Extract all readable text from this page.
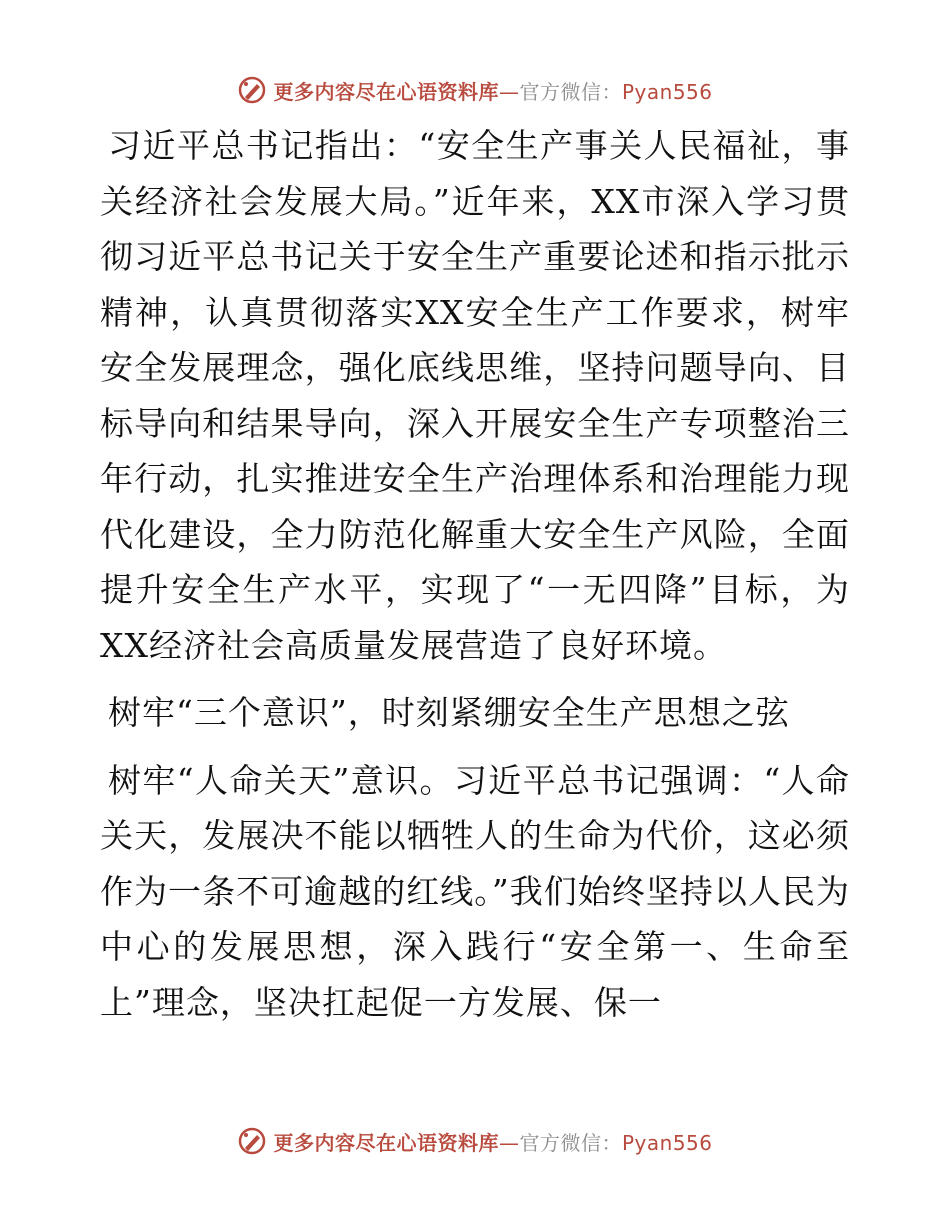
更多内容尽在心语资料库—官方微信：Pyan556

习近平总书记指出：“安全生产事关人民福祉，事关经济社会发展大局。”近年来，XX市深入学习贯彻习近平总书记关于安全生产重要论述和指示批示精神，认真贯彻落实XX安全生产工作要求，树牢安全发展理念，强化底线思维，坚持问题导向、目标导向和结果导向，深入开展安全生产专项整治三年行动，扎实推进安全生产治理体系和治理能力现代化建设，全力防范化解重大安全生产风险，全面提升安全生产水平，实现了“一无四降”目标，为XX经济社会高质量发展营造了良好环境。

树牢“三个意识”，时刻紧绷安全生产思想之弦

树牢“人命关天”意识。习近平总书记强调：“人命关天，发展决不能以牺牲人的生命为代价，这必须作为一条不可逾越的红线。”我们始终坚持以人民为中心的发展思想，深入践行“安全第一、生命至上”理念，坚决扛起促一方发展、保一

更多内容尽在心语资料库—官方微信：Pyan556
